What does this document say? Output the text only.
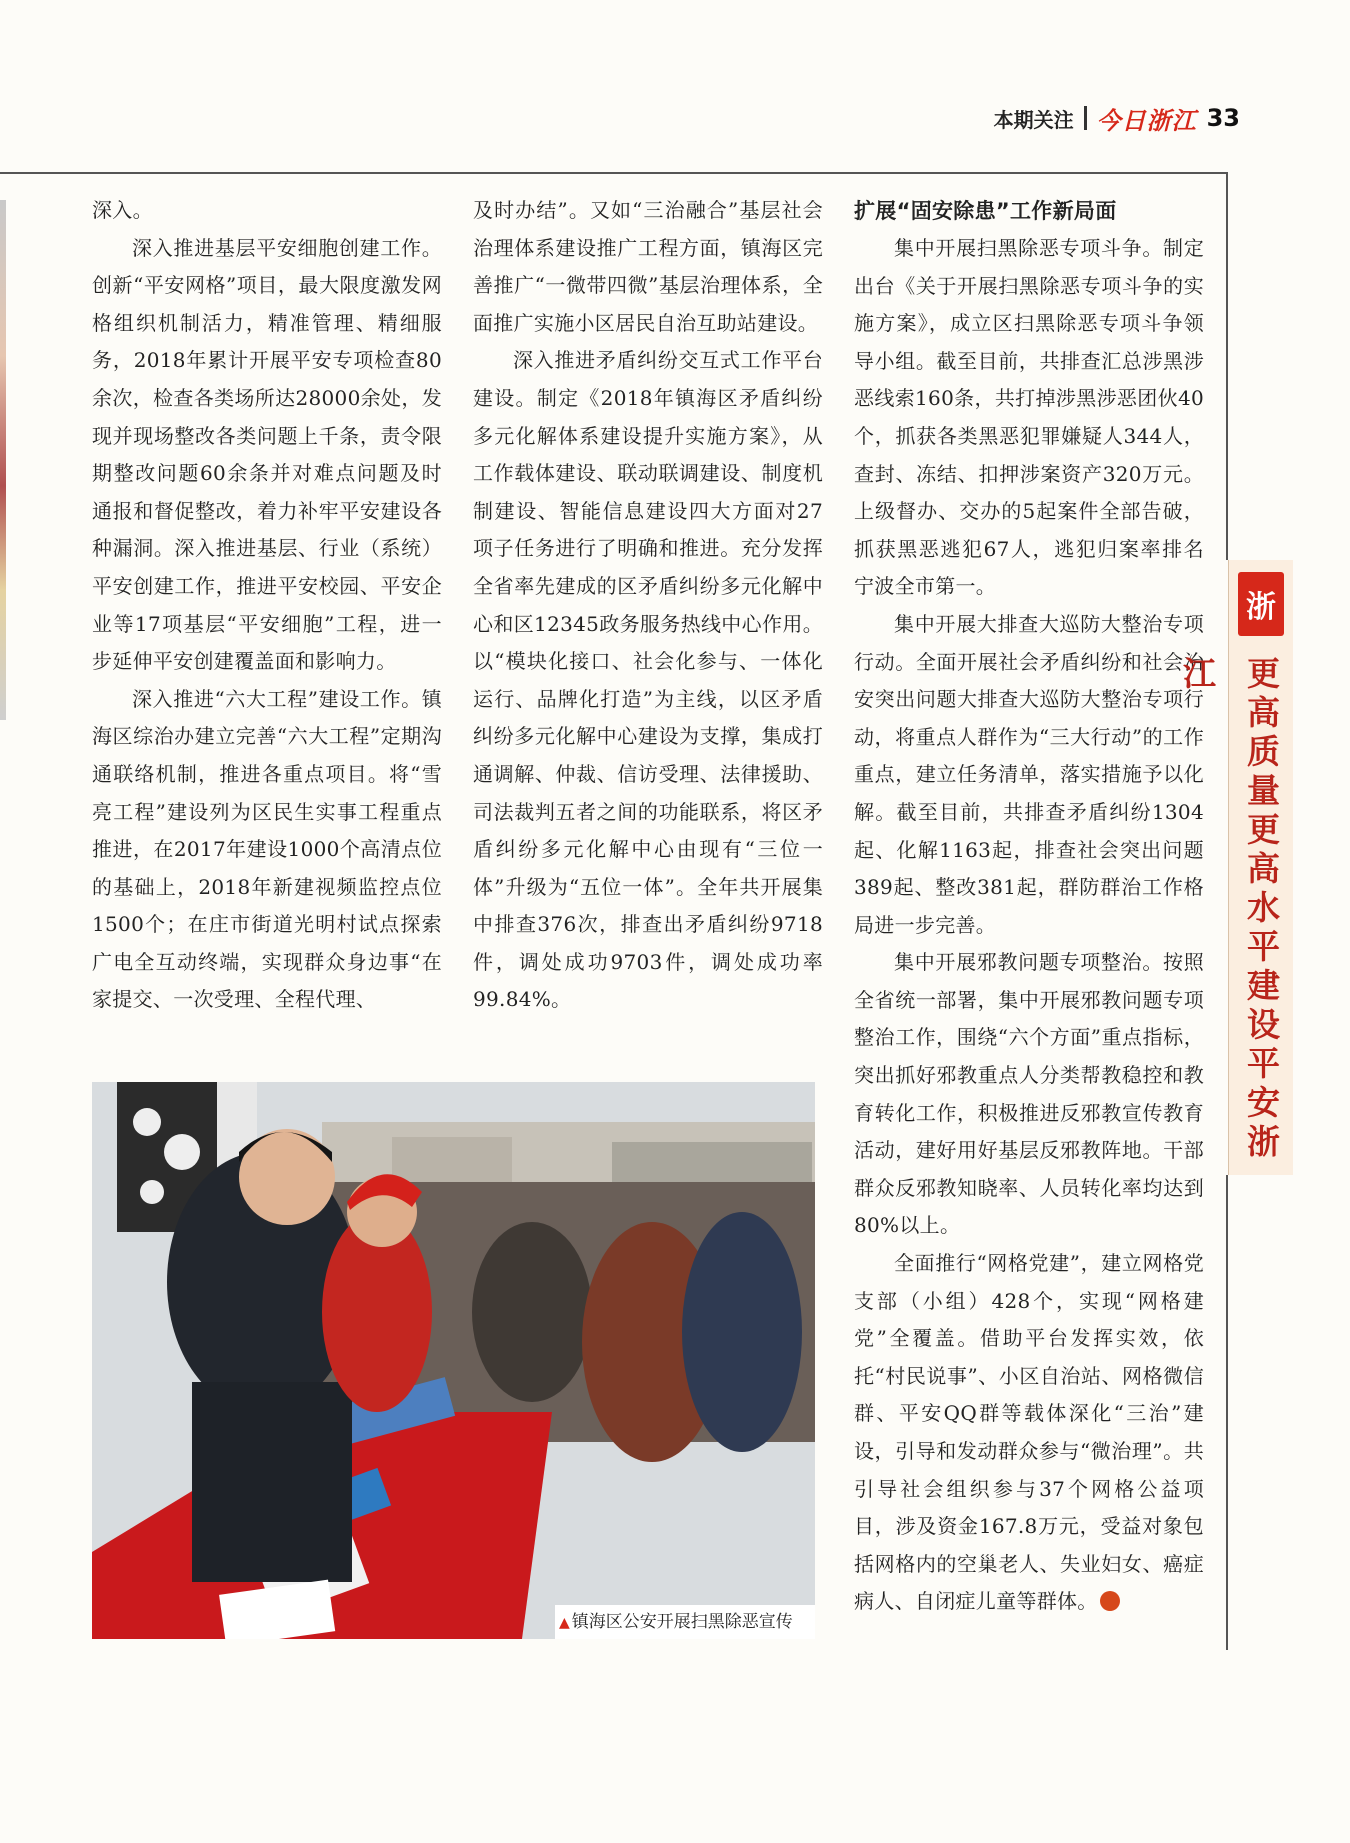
本期关注 今日浙江 33

深入。

深入推进基层平安细胞创建工作。创新“平安网格”项目，最大限度激发网格组织机制活力，精准管理、精细服务，2018年累计开展平安专项检查80余次，检查各类场所达28000余处，发现并现场整改各类问题上千条，责令限期整改问题60余条并对难点问题及时通报和督促整改，着力补牢平安建设各种漏洞。深入推进基层、行业（系统）平安创建工作，推进平安校园、平安企业等17项基层“平安细胞”工程，进一步延伸平安创建覆盖面和影响力。

深入推进“六大工程”建设工作。镇海区综治办建立完善“六大工程”定期沟通联络机制，推进各重点项目。将“雪亮工程”建设列为区民生实事工程重点推进，在2017年建设1000个高清点位的基础上，2018年新建视频监控点位1500个；在庄市街道光明村试点探索广电全互动终端，实现群众身边事“在家提交、一次受理、全程代理、

及时办结”。又如“三治融合”基层社会治理体系建设推广工程方面，镇海区完善推广“一微带四微”基层治理体系，全面推广实施小区居民自治互助站建设。

深入推进矛盾纠纷交互式工作平台建设。制定《2018年镇海区矛盾纠纷多元化解体系建设提升实施方案》，从工作载体建设、联动联调建设、制度机制建设、智能信息建设四大方面对27项子任务进行了明确和推进。充分发挥全省率先建成的区矛盾纠纷多元化解中心和区12345政务服务热线中心作用。以“模块化接口、社会化参与、一体化运行、品牌化打造”为主线，以区矛盾纠纷多元化解中心建设为支撑，集成打通调解、仲裁、信访受理、法律援助、司法裁判五者之间的功能联系，将区矛盾纠纷多元化解中心由现有“三位一体”升级为“五位一体”。全年共开展集中排查376次，排查出矛盾纠纷9718件，调处成功9703件，调处成功率99.84%。

扩展“固安除患”工作新局面

集中开展扫黑除恶专项斗争。制定出台《关于开展扫黑除恶专项斗争的实施方案》，成立区扫黑除恶专项斗争领导小组。截至目前，共排查汇总涉黑涉恶线索160条，共打掉涉黑涉恶团伙40个，抓获各类黑恶犯罪嫌疑人344人，查封、冻结、扣押涉案资产320万元。上级督办、交办的5起案件全部告破，抓获黑恶逃犯67人，逃犯归案率排名宁波全市第一。

集中开展大排查大巡防大整治专项行动。全面开展社会矛盾纠纷和社会治安突出问题大排查大巡防大整治专项行动，将重点人群作为“三大行动”的工作重点，建立任务清单，落实措施予以化解。截至目前，共排查矛盾纠纷1304起、化解1163起，排查社会突出问题389起、整改381起，群防群治工作格局进一步完善。

集中开展邪教问题专项整治。按照全省统一部署，集中开展邪教问题专项整治工作，围绕“六个方面”重点指标，突出抓好邪教重点人分类帮教稳控和教育转化工作，积极推进反邪教宣传教育活动，建好用好基层反邪教阵地。干部群众反邪教知晓率、人员转化率均达到80%以上。

全面推行“网格党建”，建立网格党支部（小组）428个，实现“网格建党”全覆盖。借助平台发挥实效，依托“村民说事”、小区自治站、网格微信群、平安QQ群等载体深化“三治”建设，引导和发动群众参与“微治理”。共引导社会组织参与37个网格公益项目，涉及资金167.8万元，受益对象包括网格内的空巢老人、失业妇女、癌症病人、自闭症儿童等群体。

浙
更高质量更高水平建设平安浙江
▲ 镇海区公安开展扫黑除恶宣传
